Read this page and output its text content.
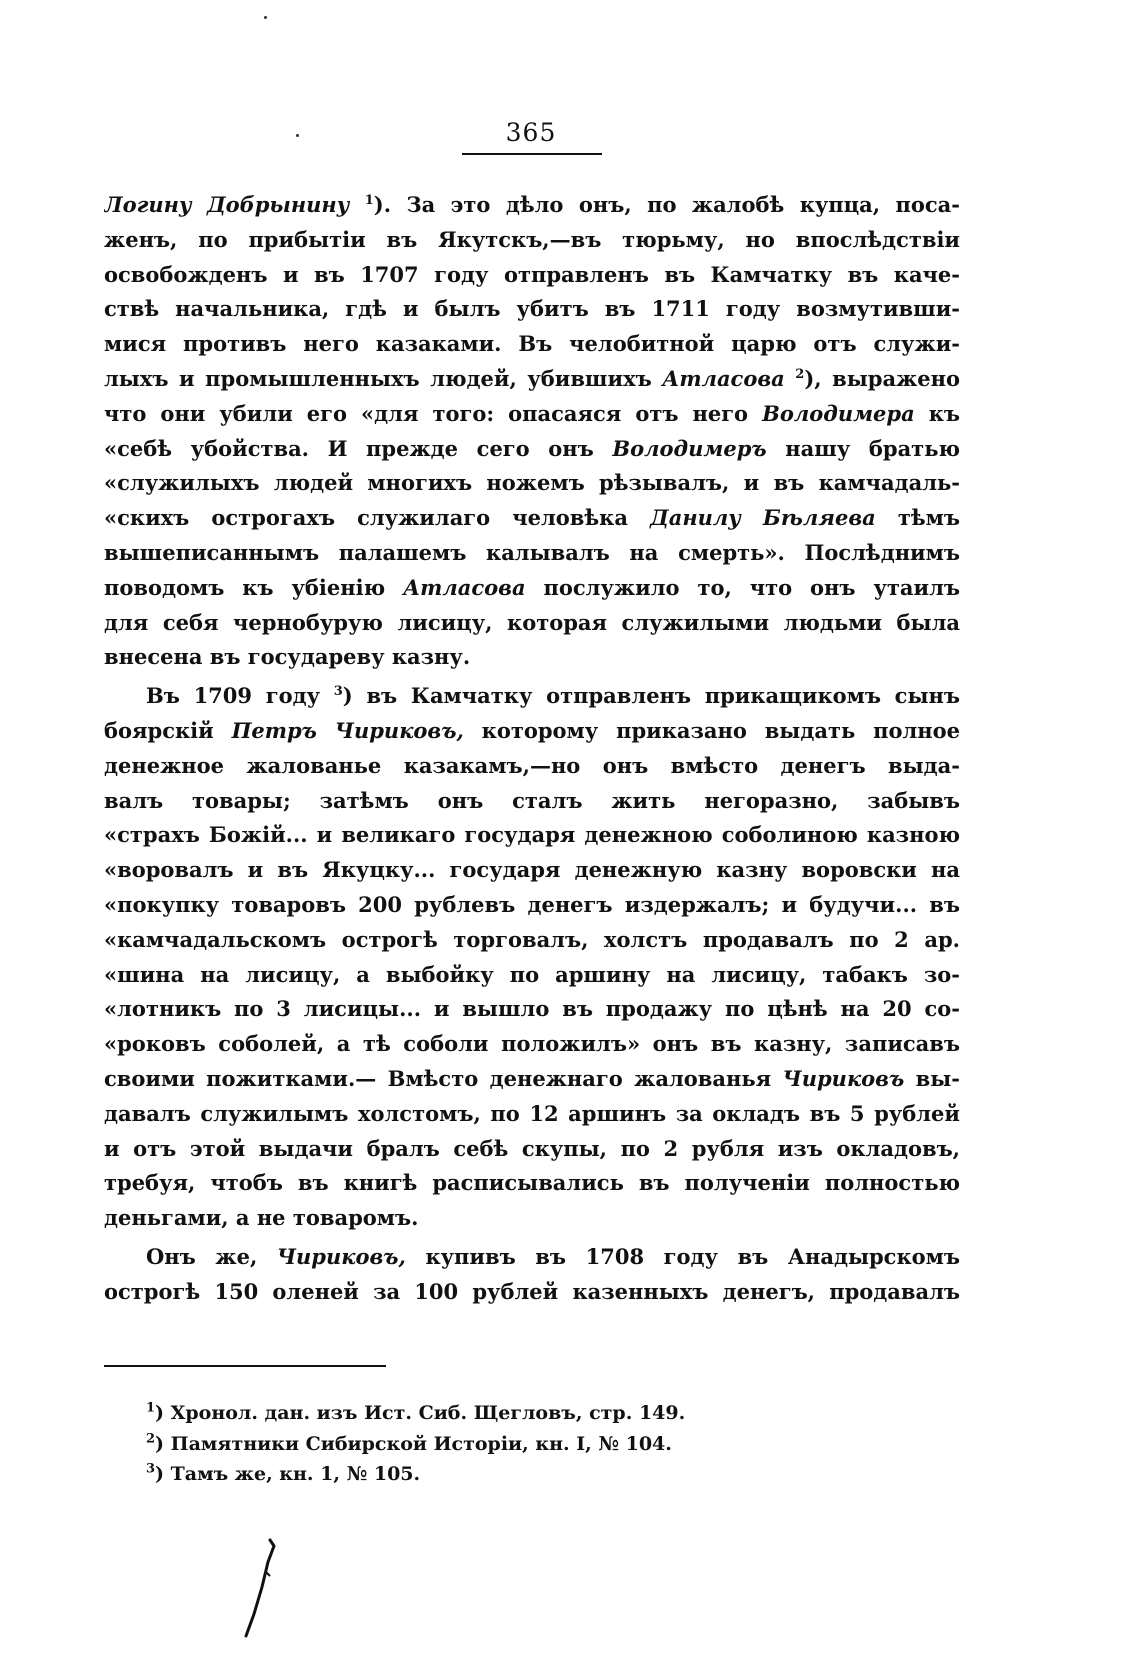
365
Логину Добрынину $^1$). За это дѣло онъ, по жалобѣ купца, поса-
женъ, по прибытіи въ Якутскъ,—въ тюрьму, но впослѣдствіи
освобожденъ и въ 1707 году отправленъ въ Камчатку въ каче-
ствѣ начальника, гдѣ и былъ убитъ въ 1711 году возмутивши-
мися противъ него казаками. Въ челобитной царю отъ служи-
лыхъ и промышленныхъ людей, убившихъ Атласова $^2$), выражено
что они убили его «для того: опасаяся отъ него Володимера къ
«себѣ убойства. И прежде сего онъ Володимеръ нашу братью
«служилыхъ людей многихъ ножемъ рѣзывалъ, и въ камчадаль-
«скихъ острогахъ служилаго человѣка Данилу Бѣляева тѣмъ
вышеписаннымъ палашемъ калывалъ на смерть». Послѣднимъ
поводомъ къ убіенію Атласова послужило то, что онъ утаилъ
для себя чернобурую лисицу, которая служилыми людьми была
внесена въ государеву казну.
Въ 1709 году $^3$) въ Камчатку отправленъ прикащикомъ сынъ
боярскій Петръ Чириковъ, которому приказано выдать полное
денежное жалованье казакамъ,—но онъ вмѣсто денегъ выда-
валъ товары; затѣмъ онъ сталъ жить негоразно, забывъ
«страхъ Божій... и великаго государя денежною соболиною казною
«воровалъ и въ Якуцку... государя денежную казну воровски на
«покупку товаровъ 200 рублевъ денегъ издержалъ; и будучи... въ
«камчадальскомъ острогѣ торговалъ, холстъ продавалъ по 2 ар.
«шина на лисицу, а выбойку по аршину на лисицу, табакъ зо-
«лотникъ по 3 лисицы... и вышло въ продажу по цѣнѣ на 20 со-
«роковъ соболей, а тѣ соболи положилъ» онъ въ казну, записавъ
своими пожитками.— Вмѣсто денежнаго жалованья Чириковъ вы-
давалъ служилымъ холстомъ, по 12 аршинъ за окладъ въ 5 рублей
и отъ этой выдачи бралъ себѣ скупы, по 2 рубля изъ окладовъ,
требуя, чтобъ въ книгѣ расписывались въ полученіи полностью
деньгами, а не товаромъ.
Онъ же, Чириковъ, купивъ въ 1708 году въ Анадырскомъ
острогѣ 150 оленей за 100 рублей казенныхъ денегъ, продавалъ
$^1$) Хронол. дан. изъ Ист. Сиб. Щегловъ, стр. 149.
$^2$) Памятники Сибирской Исторіи, кн. I, № 104.
$^3$) Тамъ же, кн. 1, № 105.
